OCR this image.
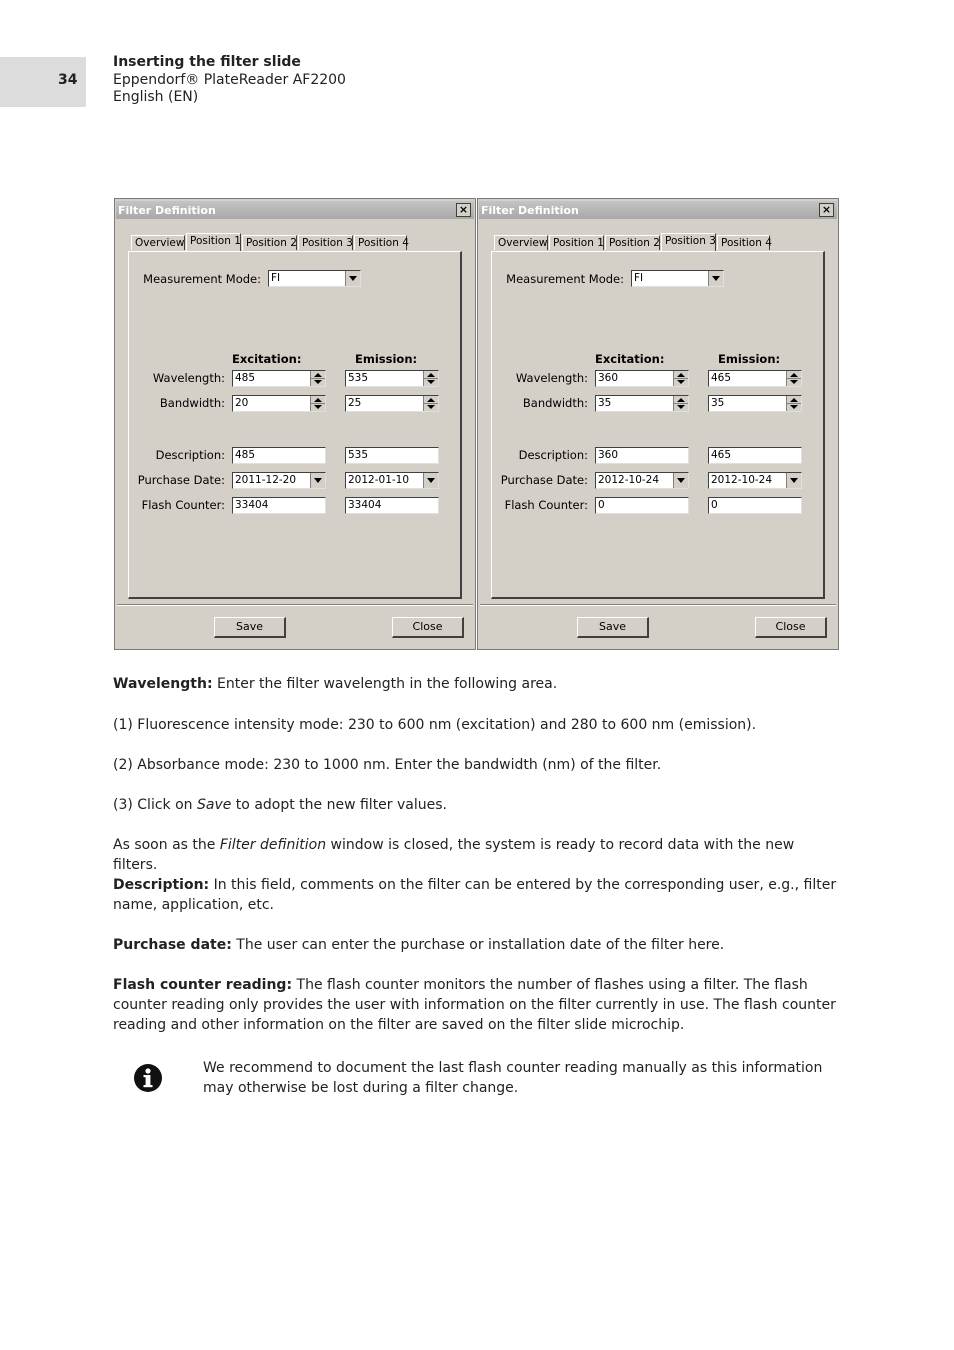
34
Inserting the filter slide
Eppendorf® PlateReader AF2200
English (EN)
Filter Definition	×
Overview Position 1 Position 2 Position 3 Position 4
Measurement Mode: FI
Excitation:	Emission:
Wavelength: 485	535
Bandwidth: 20	25
Description: 485	535
Purchase Date: 2011-12-20	2012-01-10
Flash Counter: 33404	33404
Save	Close
Filter Definition	×
Overview Position 1 Position 2 Position 3 Position 4
Measurement Mode: FI
Excitation:	Emission:
Wavelength: 360	465
Bandwidth: 35	35
Description: 360	465
Purchase Date: 2012-10-24	2012-10-24
Flash Counter: 0	0
Save	Close
Wavelength: Enter the filter wavelength in the following area.
(1) Fluorescence intensity mode: 230 to 600 nm (excitation) and 280 to 600 nm (emission).
(2) Absorbance mode: 230 to 1000 nm. Enter the bandwidth (nm) of the filter.
(3) Click on Save to adopt the new filter values.
As soon as the Filter definition window is closed, the system is ready to record data with the new filters.
Description: In this field, comments on the filter can be entered by the corresponding user, e.g., filter name, application, etc.
Purchase date: The user can enter the purchase or installation date of the filter here.
Flash counter reading: The flash counter monitors the number of flashes using a filter. The flash counter reading only provides the user with information on the filter currently in use. The flash counter reading and other information on the filter are saved on the filter slide microchip.
We recommend to document the last flash counter reading manually as this information may otherwise be lost during a filter change.
